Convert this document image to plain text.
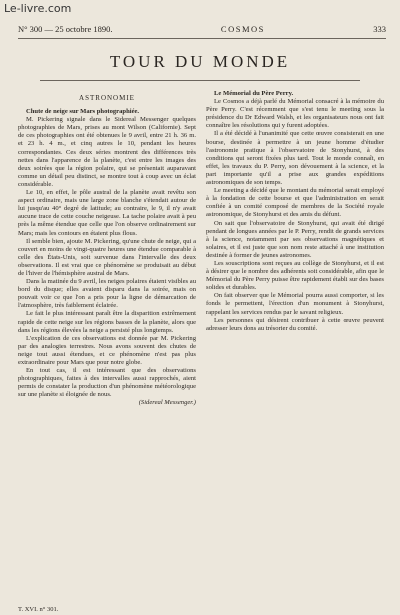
Le-livre.com
N° 300 — 25 octobre 1890.	COSMOS	333
TOUR DU MONDE
ASTRONOMIE

Chute de neige sur Mars photographiée.

M. Pickering signale dans le Sidereal Messenger quelques photographies de Mars, prises au mont Wilson (Californie). Sept de ces photographies ont été obtenues le 9 avril, entre 21 h. 36 m. et 23 h. 4 m., et cinq autres le 10, pendant les heures correspondantes. Ces deux séries montrent des différences très nettes dans l'apparence de la planète, c'est entre les images des deux soirées que la région polaire, qui se présentait auparavant comme un détail peu distinct, se montre tout à coup avec un éclat considérable.

Le 10, en effet, le pôle austral de la planète avait revêtu son aspect ordinaire, mais une large zone blanche s'étendait autour de lui jusqu'au 40° degré de latitude; au contraire, le 9, il n'y avait aucune trace de cette couche neigeuse. La tache polaire avait à peu près la même étendue que celle que l'on observe ordinairement sur Mars; mais les contours en étaient plus flous.

Il semble bien, ajoute M. Pickering, qu'une chute de neige, qui a couvert en moins de vingt-quatre heures une étendue comparable à celle des États-Unis, soit survenue dans l'intervalle des deux observations. Il est vrai que ce phénomène se produisait au début de l'hiver de l'hémisphère austral de Mars.

Dans la matinée du 9 avril, les neiges polaires étaient visibles au bord du disque; elles avaient disparu dans la soirée, mais on pouvait voir ce que l'on a pris pour la ligne de démarcation de l'atmosphère, très faiblement éclairée.

Le fait le plus intéressant paraît être la disparition extrêmement rapide de cette neige sur les régions basses de la planète, alors que dans les régions élevées la neige a persisté plus longtemps.

L'explication de ces observations est donnée par M. Pickering par des analogies terrestres. Nous avons souvent des chutes de neige tout aussi étendues, et ce phénomène n'est pas plus extraordinaire pour Mars que pour notre globe.

En tout cas, il est intéressant que des observations photographiques, faites à des intervalles aussi rapprochés, aient permis de constater la production d'un phénomène météorologique sur une planète si éloignée de nous.

(Sidereal Messenger.)

Le Mémorial du Père Perry.

Le Cosmos a déjà parlé du Mémorial consacré à la mémoire du Père Perry. C'est récemment que s'est tenu le meeting sous la présidence du Dr Edward Walsh, et les organisateurs nous ont fait connaître les résolutions qui y furent adoptées.

Il a été décidé à l'unanimité que cette œuvre consisterait en une bourse, destinée à permettre à un jeune homme d'étudier l'astronomie pratique à l'observatoire de Stonyhurst, à des conditions qui seront fixées plus tard. Tout le monde connaît, en effet, les travaux du P. Perry, son dévouement à la science, et la part importante qu'il a prise aux grandes expéditions astronomiques de son temps.

Le meeting a décidé que le montant du mémorial serait employé à la fondation de cette bourse et que l'administration en serait confiée à un comité composé de membres de la Société royale astronomique, de Stonyhurst et des amis du défunt.

On sait que l'observatoire de Stonyhurst, qui avait été dirigé pendant de longues années par le P. Perry, rendit de grands services à la science, notamment par ses observations magnétiques et solaires, et il est juste que son nom reste attaché à une institution destinée à former de jeunes astronomes.

Les souscriptions sont reçues au collège de Stonyhurst, et il est à désirer que le nombre des adhérents soit considérable, afin que le Mémorial du Père Perry puisse être rapidement établi sur des bases solides et durables.

On fait observer que le Mémorial pourra aussi comporter, si les fonds le permettent, l'érection d'un monument à Stonyhurst, rappelant les services rendus par le savant religieux.

Les personnes qui désirent contribuer à cette œuvre peuvent adresser leurs dons au trésorier du comité.

T. XVI. n° 301.
